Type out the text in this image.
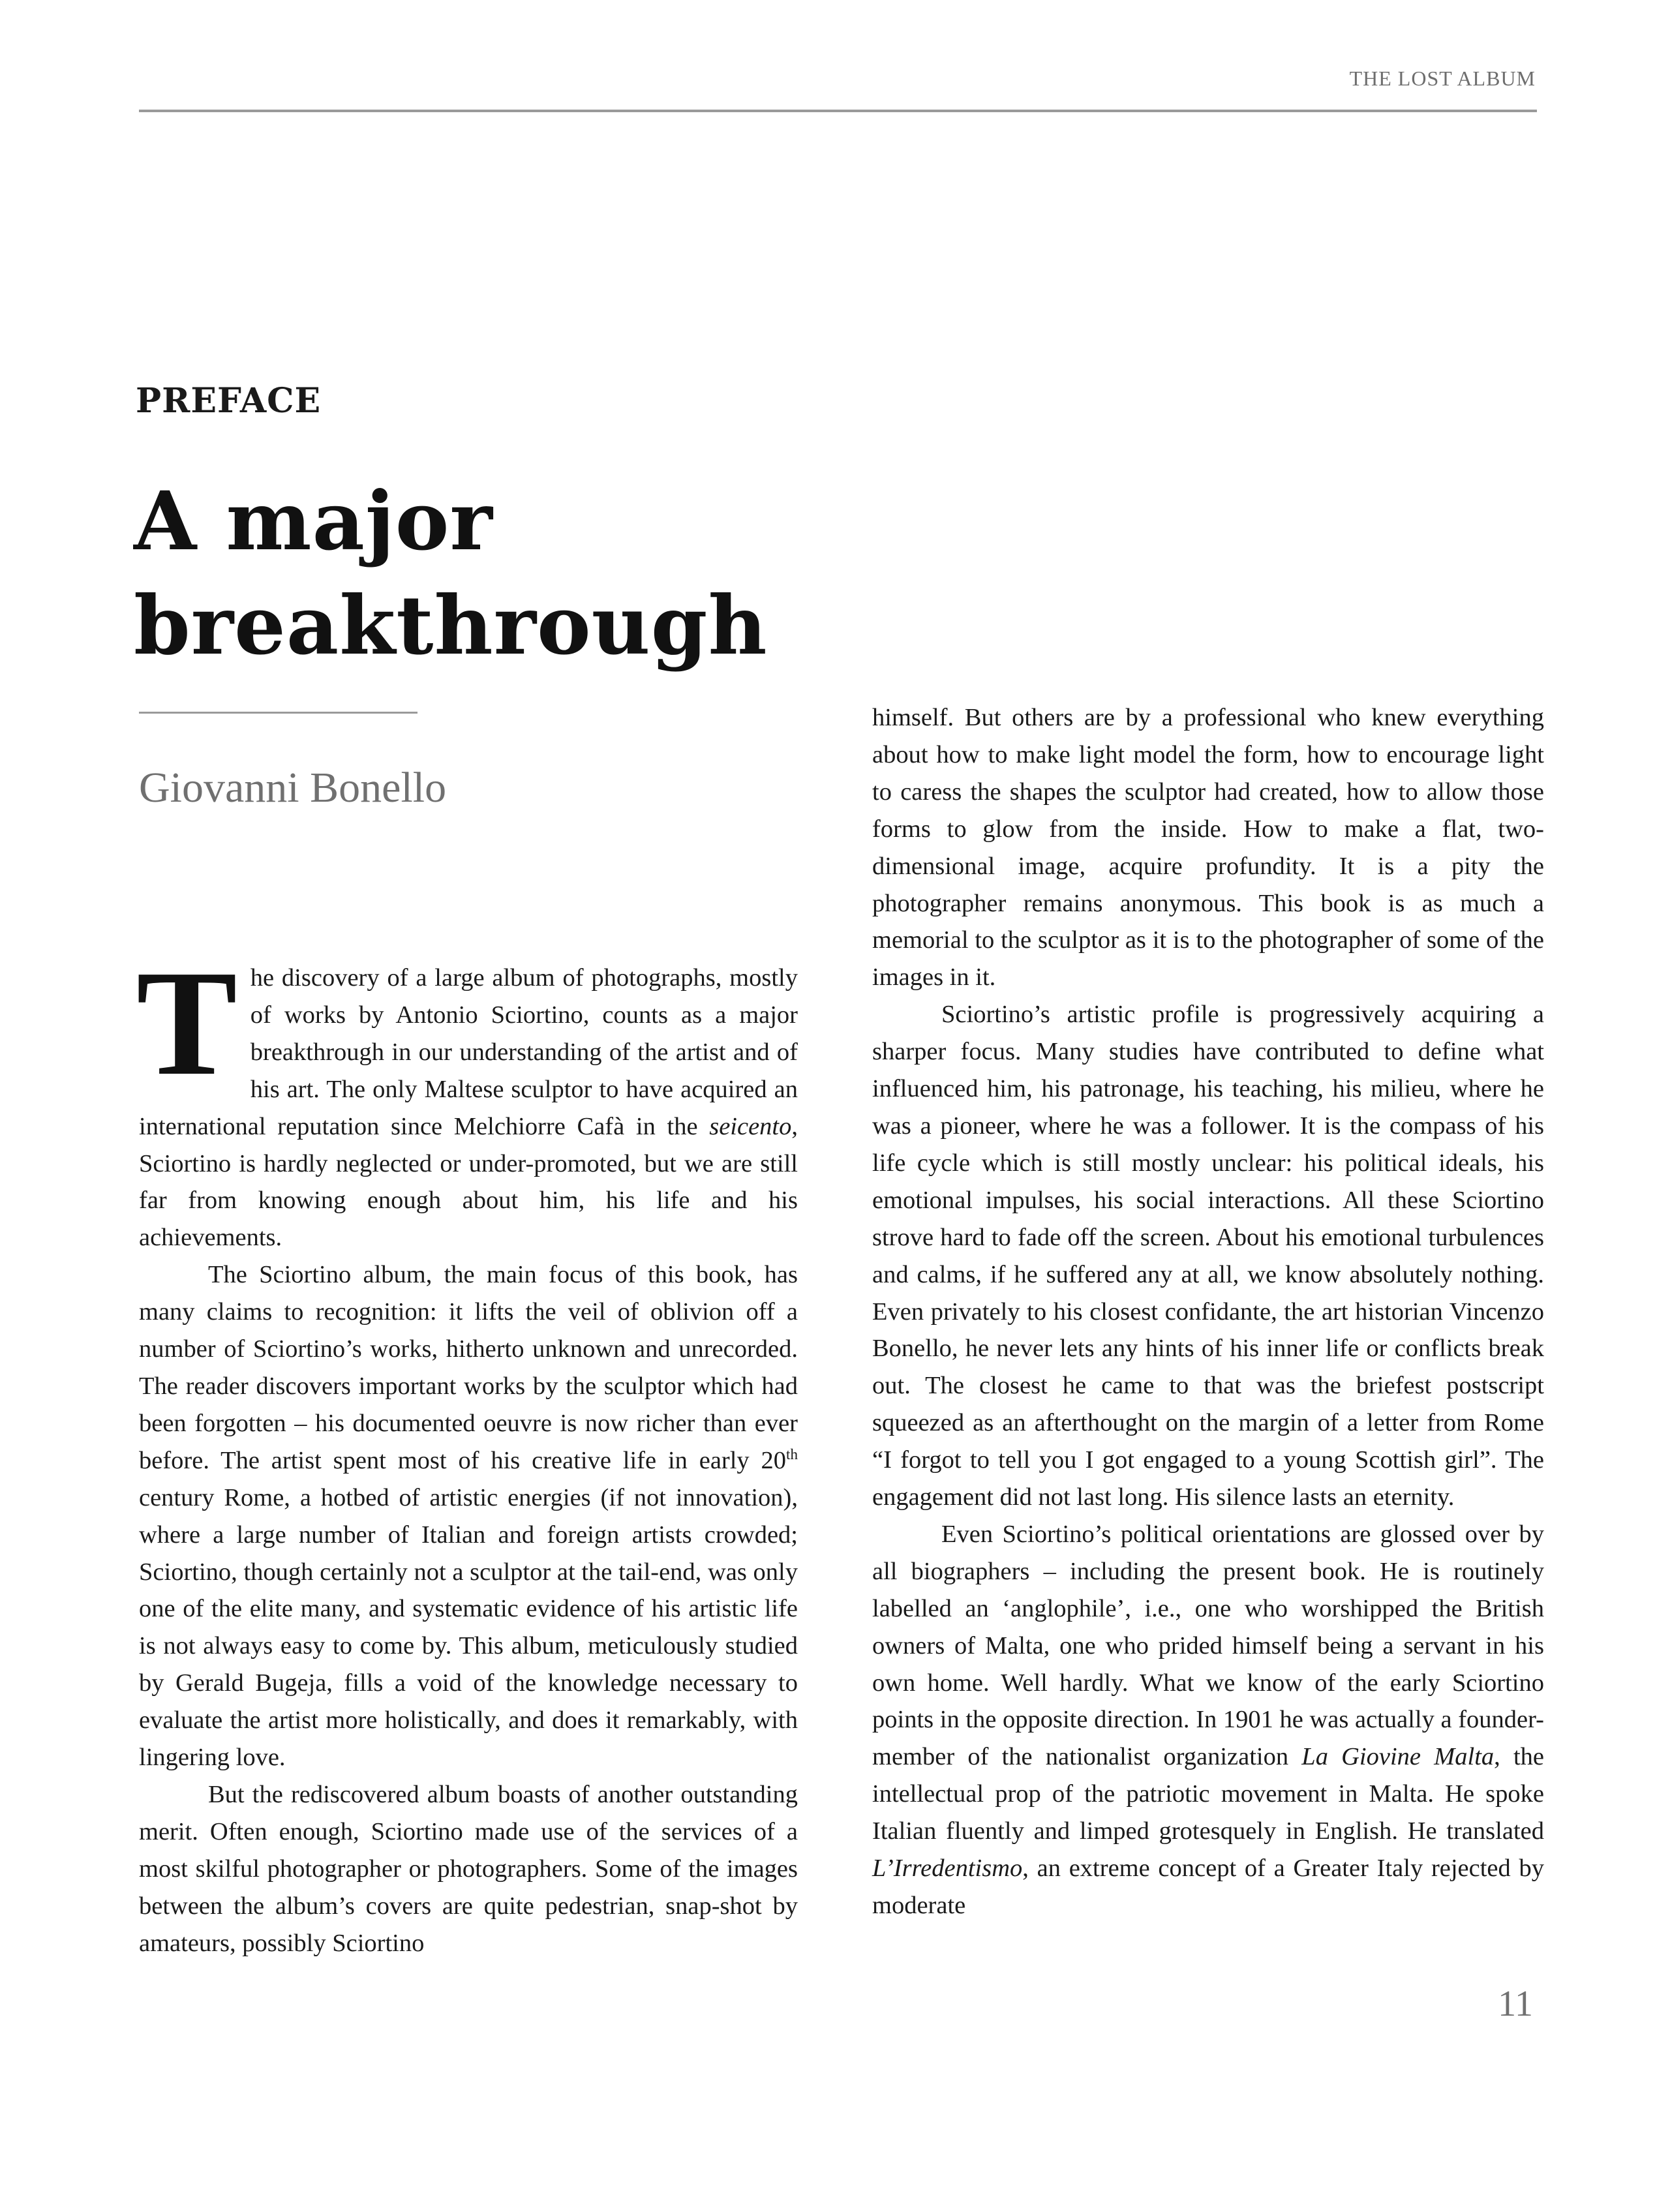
THE LOST ALBUM
PREFACE
A major
breakthrough
Giovanni Bonello

The discovery of a large album of photographs, mostly of works by Antonio Sciortino, counts as a major breakthrough in our understanding of the artist and of his art. The only Maltese sculptor to have acquired an international reputation since Melchiorre Cafà in the seicento, Sciortino is hardly neglected or under-promoted, but we are still far from knowing enough about him, his life and his achievements.

The Sciortino album, the main focus of this book, has many claims to recognition: it lifts the veil of oblivion off a number of Sciortino’s works, hitherto unknown and unrecorded. The reader discovers important works by the sculptor which had been forgotten – his documented oeuvre is now richer than ever before. The artist spent most of his creative life in early 20th century Rome, a hotbed of artistic energies (if not innovation), where a large number of Italian and foreign artists crowded; Sciortino, though certainly not a sculptor at the tail-end, was only one of the elite many, and systematic evidence of his artistic life is not always easy to come by. This album, meticulously studied by Gerald Bugeja, fills a void of the knowledge necessary to evaluate the artist more holistically, and does it remarkably, with lingering love.

But the rediscovered album boasts of another outstanding merit. Often enough, Sciortino made use of the services of a most skilful photographer or photographers. Some of the images between the album’s covers are quite pedestrian, snap-shot by amateurs, possibly Sciortino

himself. But others are by a professional who knew everything about how to make light model the form, how to encourage light to caress the shapes the sculptor had created, how to allow those forms to glow from the inside. How to make a flat, two-dimensional image, acquire profundity. It is a pity the photographer remains anonymous. This book is as much a memorial to the sculptor as it is to the photographer of some of the images in it.

Sciortino’s artistic profile is progressively acquiring a sharper focus. Many studies have contributed to define what influenced him, his patronage, his teaching, his milieu, where he was a pioneer, where he was a follower. It is the compass of his life cycle which is still mostly unclear: his political ideals, his emotional impulses, his social interactions. All these Sciortino strove hard to fade off the screen. About his emotional turbulences and calms, if he suffered any at all, we know absolutely nothing. Even privately to his closest confidante, the art historian Vincenzo Bonello, he never lets any hints of his inner life or conflicts break out. The closest he came to that was the briefest postscript squeezed as an afterthought on the margin of a letter from Rome “I forgot to tell you I got engaged to a young Scottish girl”. The engagement did not last long. His silence lasts an eternity.

Even Sciortino’s political orientations are glossed over by all biographers – including the present book. He is routinely labelled an ‘anglophile’, i.e., one who worshipped the British owners of Malta, one who prided himself being a servant in his own home. Well hardly. What we know of the early Sciortino points in the opposite direction. In 1901 he was actually a founder-member of the nationalist organization La Giovine Malta, the intellectual prop of the patriotic movement in Malta. He spoke Italian fluently and limped grotesquely in English. He translated L’Irredentismo, an extreme concept of a Greater Italy rejected by moderate

11
